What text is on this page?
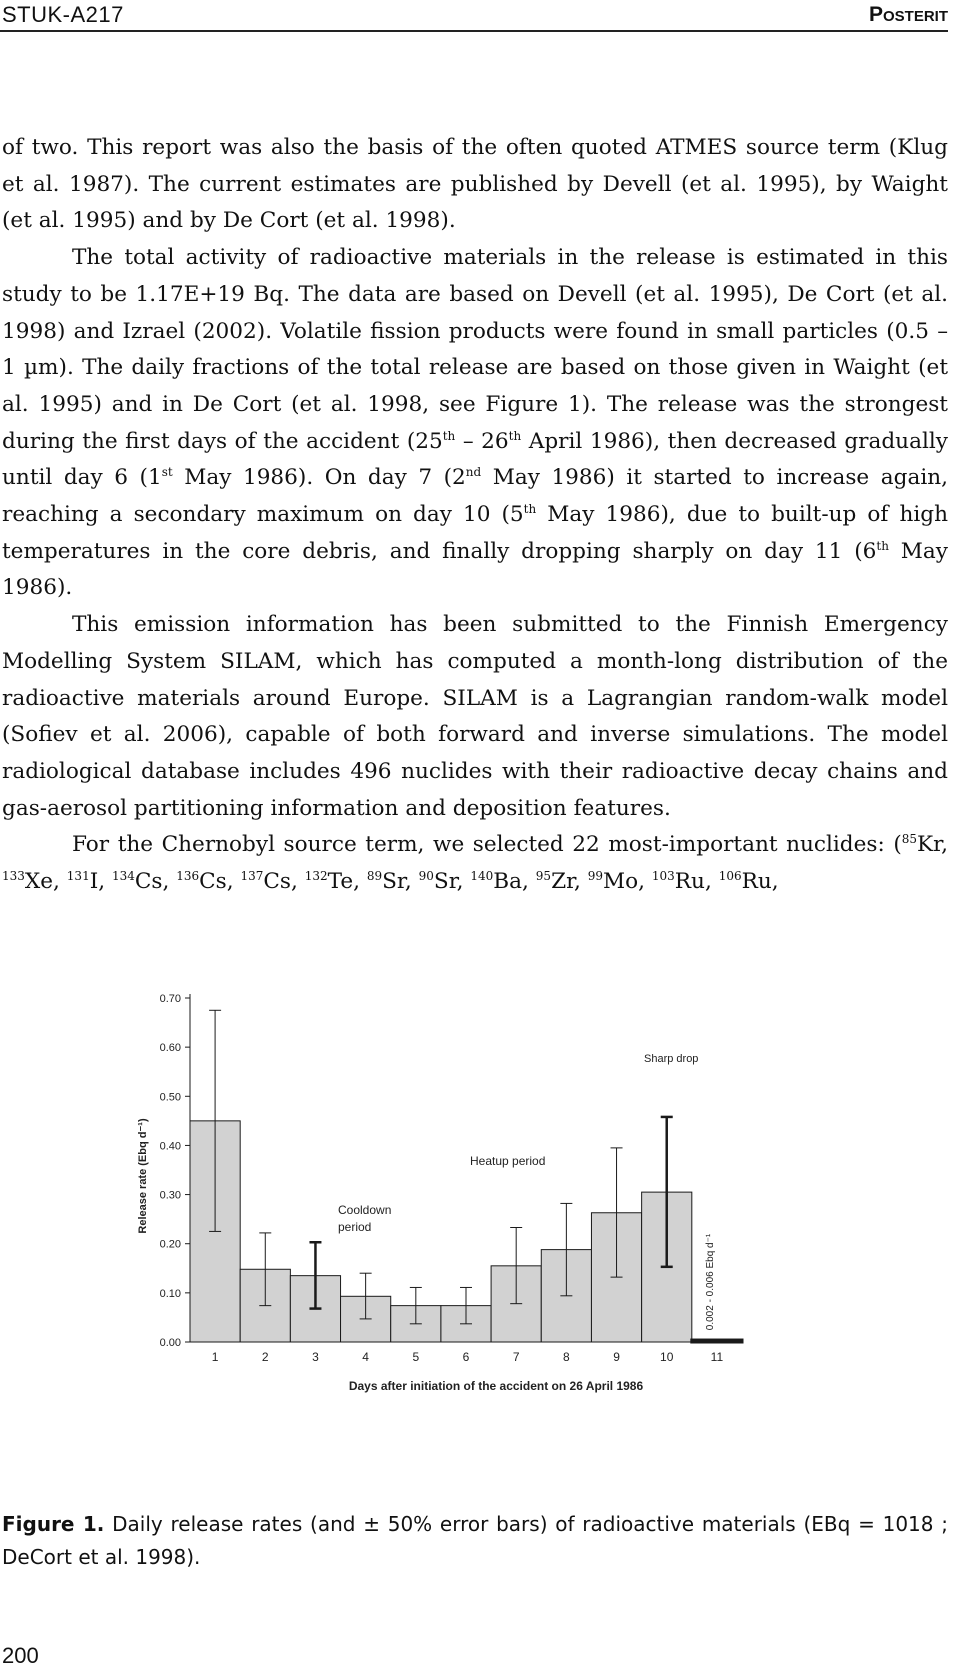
STUK-A217	Posterit

of two. This report was also the basis of the often quoted ATMES source term (Klug et al. 1987). The current estimates are published by Devell (et al. 1995), by Waight (et al. 1995) and by De Cort (et al. 1998).

The total activity of radioactive materials in the release is estimated in this study to be 1.17E+19 Bq. The data are based on Devell (et al. 1995), De Cort (et al. 1998) and Izrael (2002). Volatile fission products were found in small particles (0.5 – 1 µm). The daily fractions of the total release are based on those given in Waight (et al. 1995) and in De Cort (et al. 1998, see Figure 1). The release was the strongest during the first days of the accident (25th – 26th April 1986), then decreased gradually until day 6 (1st May 1986). On day 7 (2nd May 1986) it started to increase again, reaching a secondary maximum on day 10 (5th May 1986), due to built-up of high temperatures in the core debris, and finally dropping sharply on day 11 (6th May 1986).

This emission information has been submitted to the Finnish Emergency Modelling System SILAM, which has computed a month-long distribution of the radioactive materials around Europe. SILAM is a Lagrangian random-walk model (Sofiev et al. 2006), capable of both forward and inverse simulations. The model radiological database includes 496 nuclides with their radioactive decay chains and gas-aerosol partitioning information and deposition features.

For the Chernobyl source term, we selected 22 most-important nuclides: ($^{85}$Kr, $^{133}$Xe, $^{131}$I, $^{134}$Cs, $^{136}$Cs, $^{137}$Cs, $^{132}$Te, $^{89}$Sr, $^{90}$Sr, $^{140}$Ba, $^{95}$Zr, $^{99}$Mo, $^{103}$Ru, $^{106}$Ru,

0.00
0.10
0.20
0.30
0.40
0.50
0.60
0.70
1	2	3	4	5	6	7	8	9	10	11
Release rate (Ebq d⁻¹)
Days after initiation of the accident on 26 April 1986
Cooldown
period
Heatup period
Sharp drop
0.002 - 0.006 Ebq d⁻¹
Figure 1. Daily release rates (and ± 50% error bars) of radioactive materials (EBq = 1018 ; DeCort et al. 1998).
200
